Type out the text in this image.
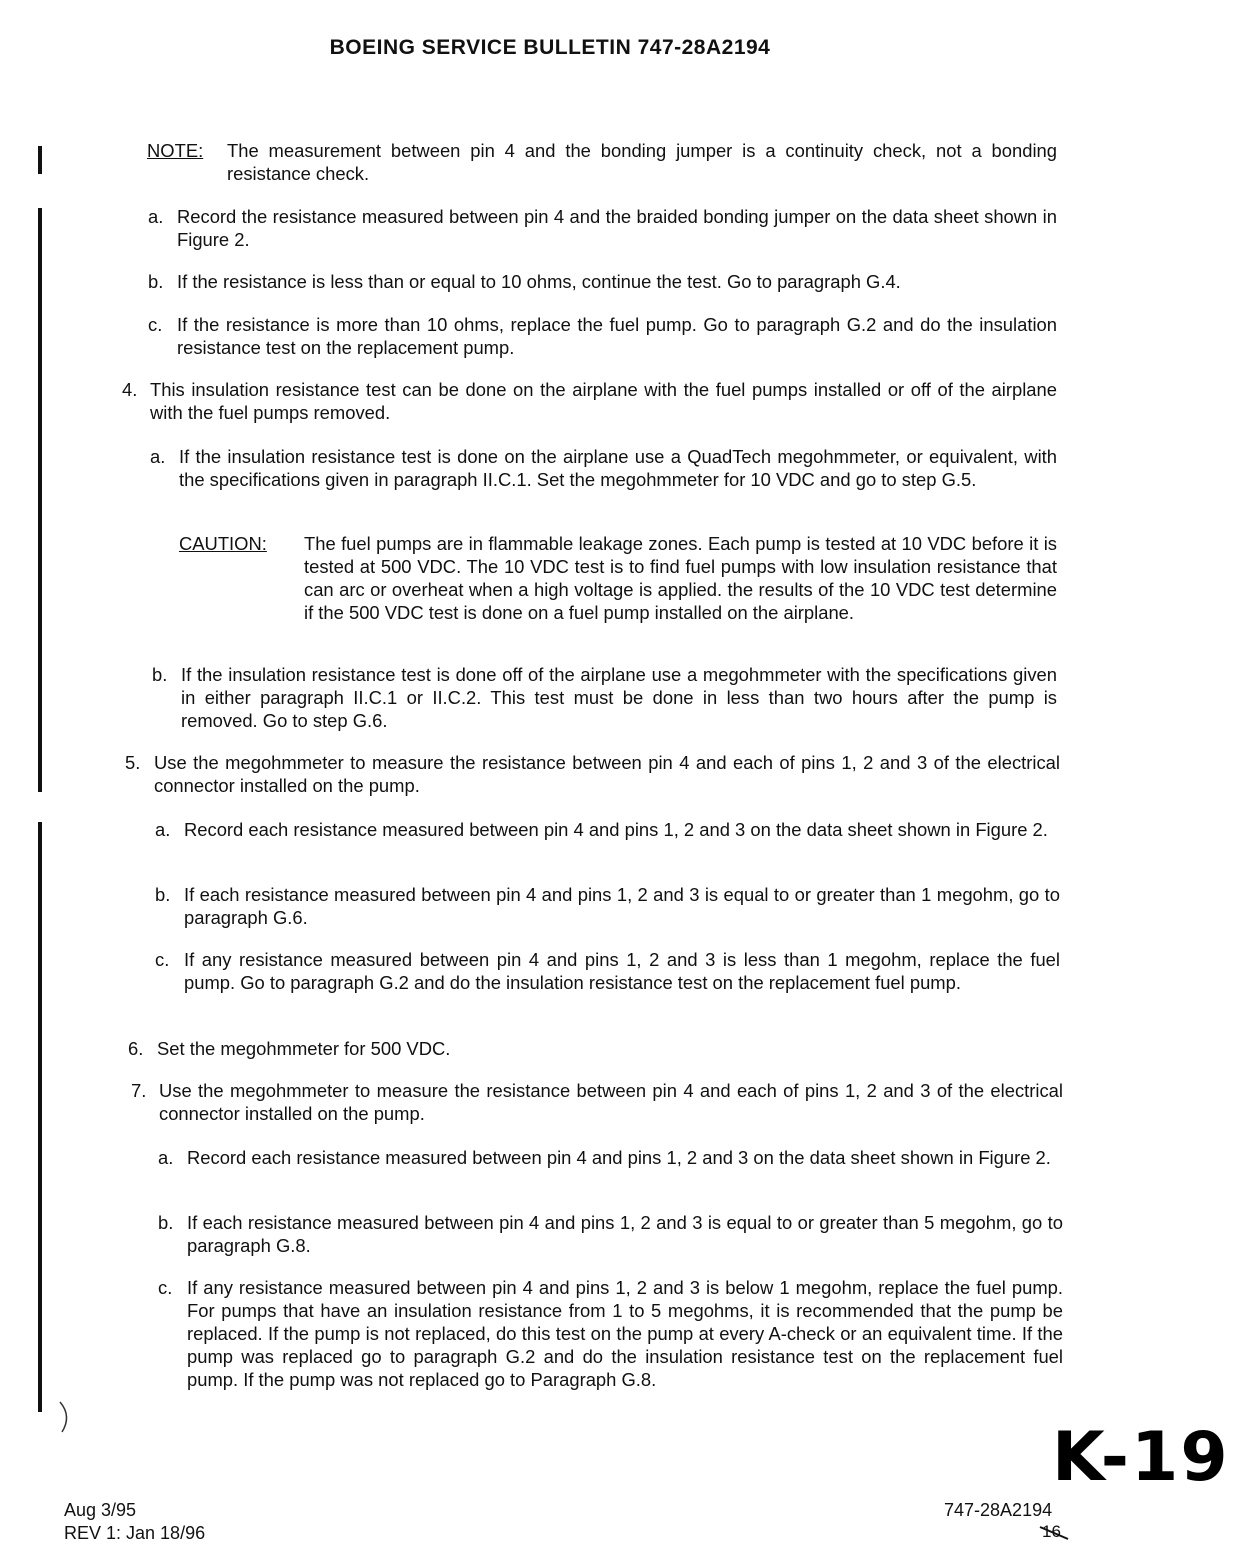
BOEING SERVICE BULLETIN 747-28A2194
NOTE: The measurement between pin 4 and the bonding jumper is a continuity check, not a bonding resistance check.
a. Record the resistance measured between pin 4 and the braided bonding jumper on the data sheet shown in Figure 2.
b. If the resistance is less than or equal to 10 ohms, continue the test. Go to paragraph G.4.
c. If the resistance is more than 10 ohms, replace the fuel pump. Go to paragraph G.2 and do the insulation resistance test on the replacement pump.
4. This insulation resistance test can be done on the airplane with the fuel pumps installed or off of the airplane with the fuel pumps removed.
a. If the insulation resistance test is done on the airplane use a QuadTech megohmmeter, or equivalent, with the specifications given in paragraph II.C.1. Set the megohmmeter for 10 VDC and go to step G.5.
CAUTION: The fuel pumps are in flammable leakage zones. Each pump is tested at 10 VDC before it is tested at 500 VDC. The 10 VDC test is to find fuel pumps with low insulation resistance that can arc or overheat when a high voltage is applied. the results of the 10 VDC test determine if the 500 VDC test is done on a fuel pump installed on the airplane.
b. If the insulation resistance test is done off of the airplane use a megohmmeter with the specifications given in either paragraph II.C.1 or II.C.2. This test must be done in less than two hours after the pump is removed. Go to step G.6.
5. Use the megohmmeter to measure the resistance between pin 4 and each of pins 1, 2 and 3 of the electrical connector installed on the pump.
a. Record each resistance measured between pin 4 and pins 1, 2 and 3 on the data sheet shown in Figure 2.
b. If each resistance measured between pin 4 and pins 1, 2 and 3 is equal to or greater than 1 megohm, go to paragraph G.6.
c. If any resistance measured between pin 4 and pins 1, 2 and 3 is less than 1 megohm, replace the fuel pump. Go to paragraph G.2 and do the insulation resistance test on the replacement fuel pump.
6. Set the megohmmeter for 500 VDC.
7. Use the megohmmeter to measure the resistance between pin 4 and each of pins 1, 2 and 3 of the electrical connector installed on the pump.
a. Record each resistance measured between pin 4 and pins 1, 2 and 3 on the data sheet shown in Figure 2.
b. If each resistance measured between pin 4 and pins 1, 2 and 3 is equal to or greater than 5 megohm, go to paragraph G.8.
c. If any resistance measured between pin 4 and pins 1, 2 and 3 is below 1 megohm, replace the fuel pump. For pumps that have an insulation resistance from 1 to 5 megohms, it is recommended that the pump be replaced. If the pump is not replaced, do this test on the pump at every A-check or an equivalent time. If the pump was replaced go to paragraph G.2 and do the insulation resistance test on the replacement fuel pump. If the pump was not replaced go to Paragraph G.8.
K-19
Aug 3/95
REV 1: Jan 18/96
747-28A2194
16
